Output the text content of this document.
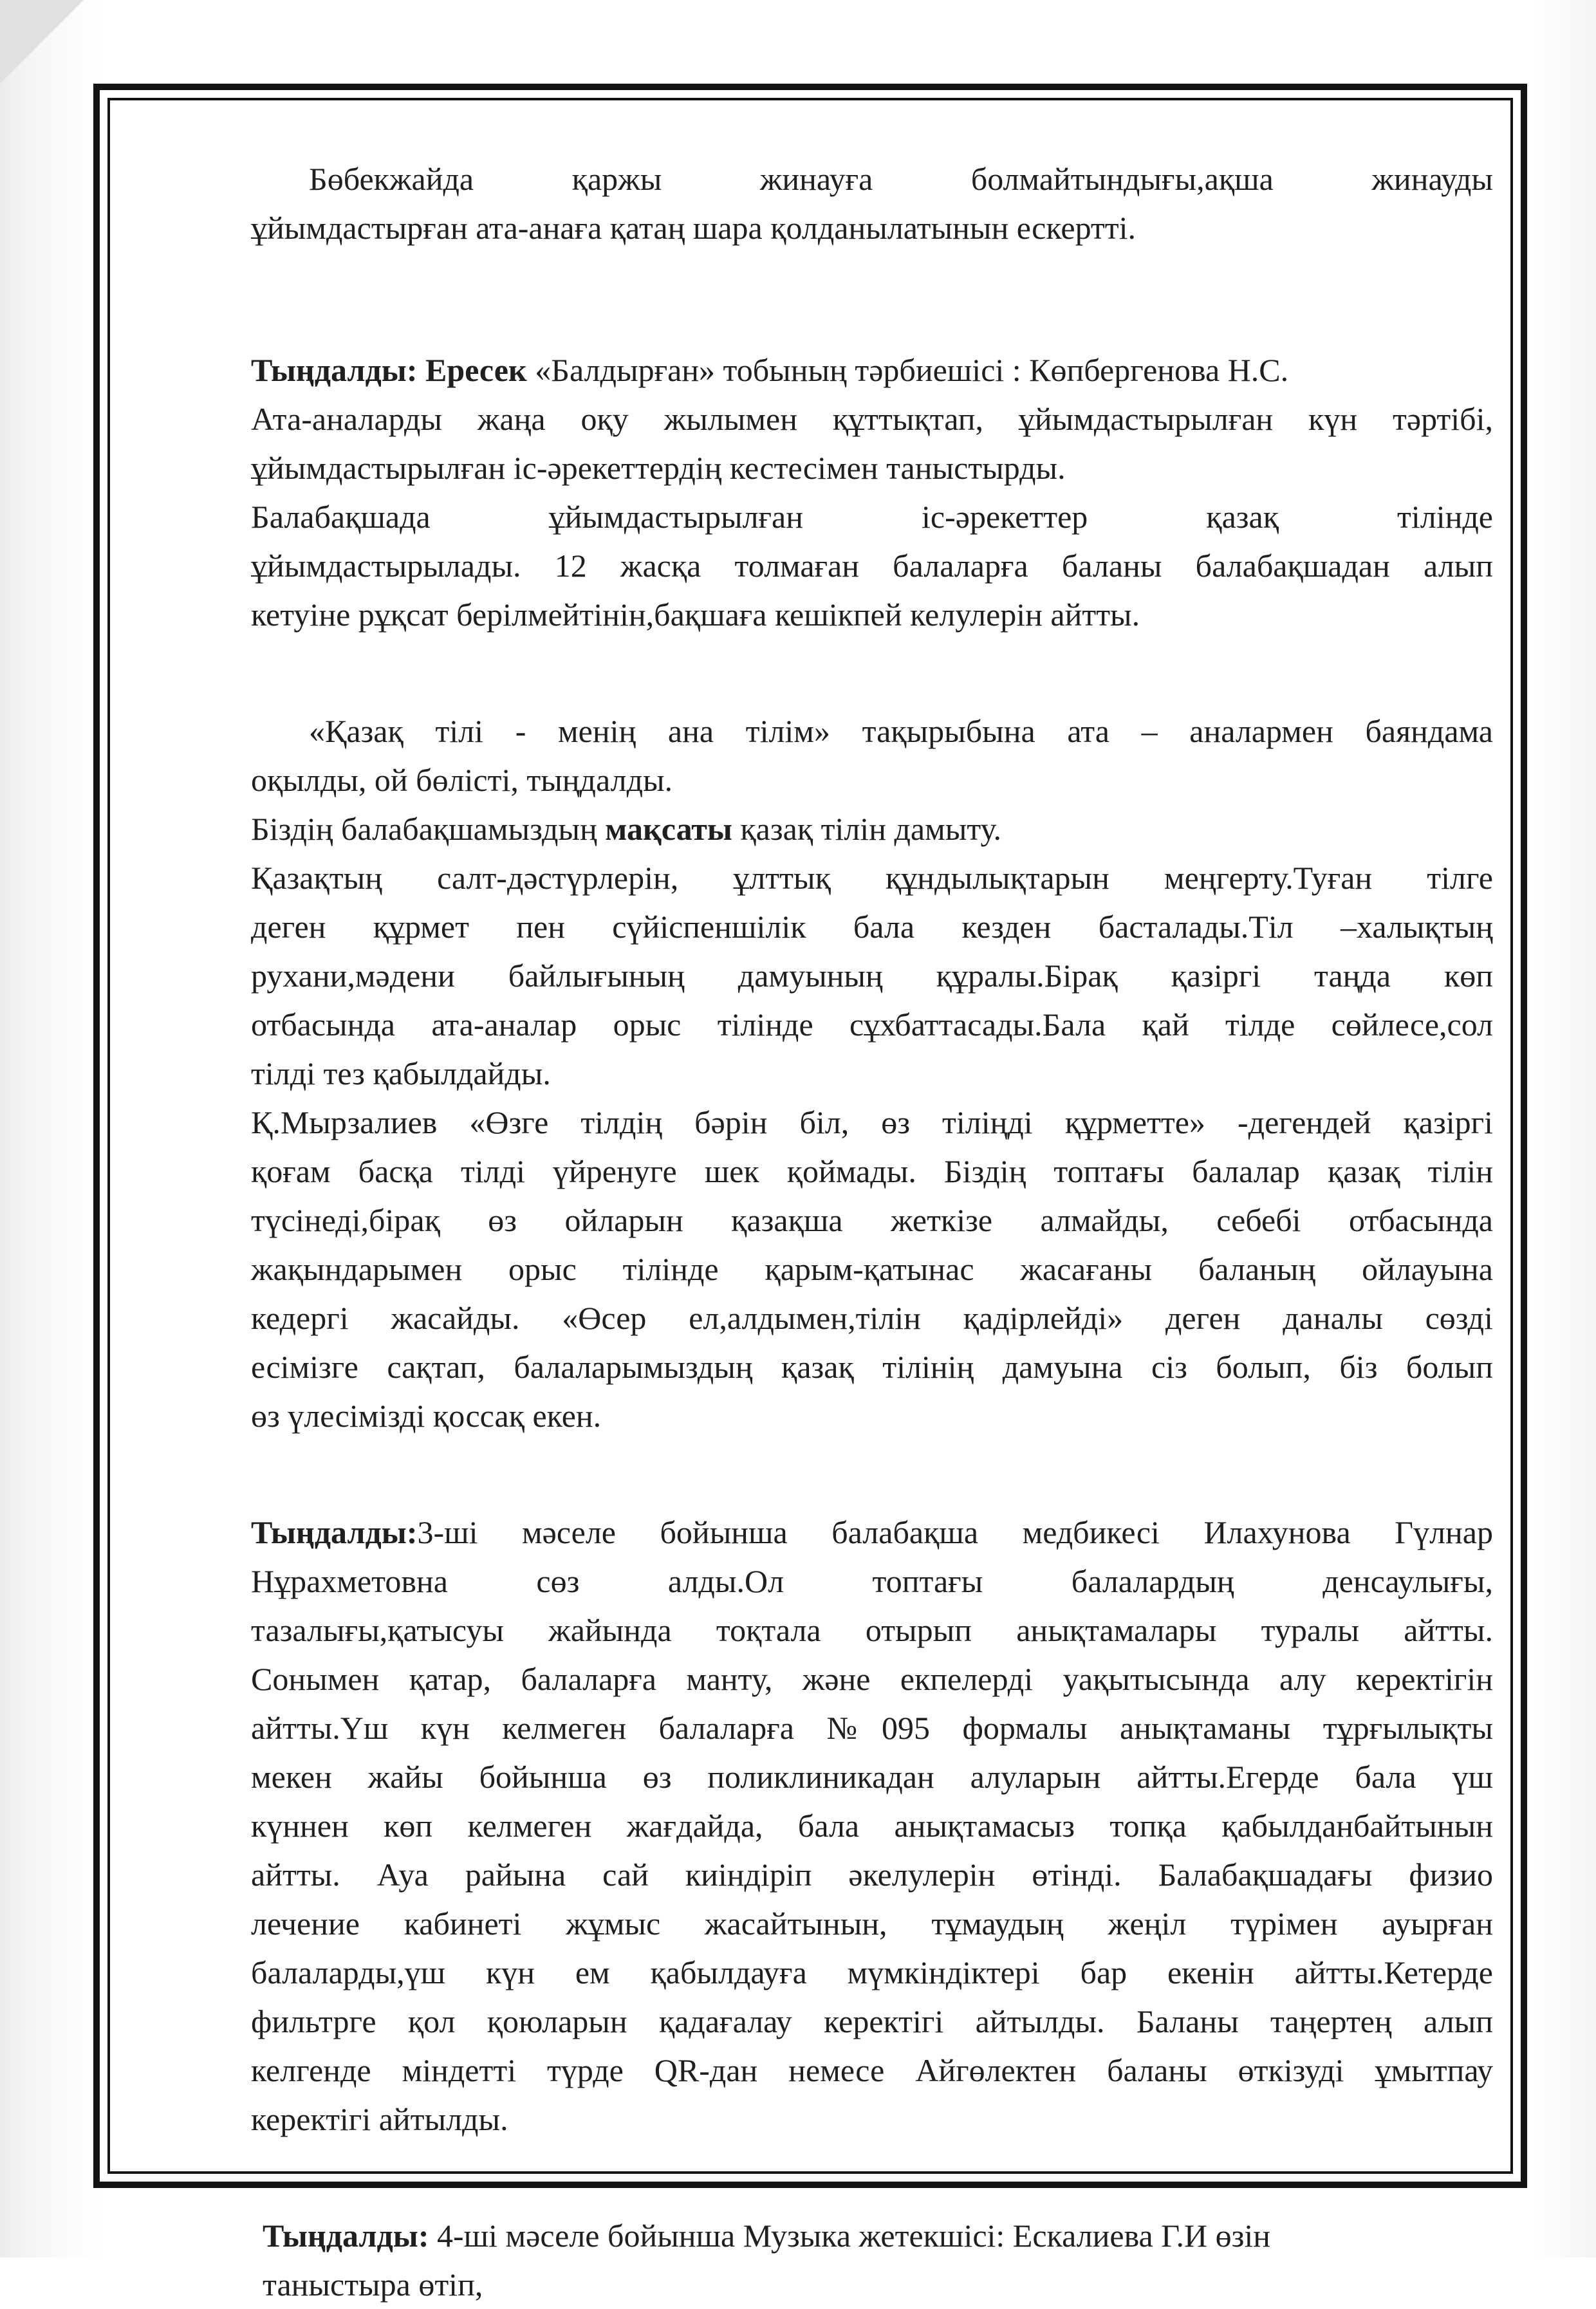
Бөбекжайда қаржы жинауға болмайтындығы,ақша жинауды

ұйымдастырған ата-анаға қатаң шара қолданылатынын ескертті.

Тыңдалды: Ересек «Балдырған» тобының тәрбиешісі : Көпбергенова Н.С.

Ата-аналарды жаңа оқу жылымен құттықтап, ұйымдастырылған күн тәртібі,

ұйымдастырылған іс-әрекеттердің кестесімен таныстырды.

Балабақшада ұйымдастырылған іс-әрекеттер қазақ тілінде

ұйымдастырылады. 12 жасқа толмаған балаларға баланы балабақшадан алып

кетуіне рұқсат берілмейтінін,бақшаға кешікпей келулерін айтты.

«Қазақ тілі - менің ана тілім» тақырыбына ата – аналармен баяндама

оқылды, ой бөлісті, тыңдалды.

Біздің балабақшамыздың мақсаты қазақ тілін дамыту.

Қазақтың салт-дәстүрлерін, ұлттық құндылықтарын меңгерту.Туған тілге

деген құрмет пен сүйіспеншілік бала кезден басталады.Тіл –халықтың

рухани,мәдени байлығының дамуының құралы.Бірақ қазіргі таңда көп

отбасында ата-аналар орыс тілінде сұхбаттасады.Бала қай тілде сөйлесе,сол

тілді тез қабылдайды.

Қ.Мырзалиев «Өзге тілдің бәрін біл, өз тіліңді құрметте» -дегендей қазіргі

қоғам басқа тілді үйренуге шек қоймады. Біздің топтағы балалар қазақ тілін

түсінеді,бірақ өз ойларын қазақша жеткізе алмайды, себебі отбасында

жақындарымен орыс тілінде қарым-қатынас жасағаны баланың ойлауына

кедергі жасайды. «Өсер ел,алдымен,тілін қадірлейді» деген даналы сөзді

есімізге сақтап, балаларымыздың қазақ тілінің дамуына сіз болып, біз болып

өз үлесімізді қоссақ екен.

Тыңдалды:3-ші мәселе бойынша балабақша медбикесі Илахунова Гүлнар

Нұрахметовна сөз алды.Ол топтағы балалардың денсаулығы,

тазалығы,қатысуы жайында тоқтала отырып анықтамалары туралы айтты.

Сонымен қатар, балаларға манту, және екпелерді уақытысында алу керектігін

айтты.Үш күн келмеген балаларға №095 формалы анықтаманы тұрғылықты

мекен жайы бойынша өз поликлиникадан алуларын айтты.Егерде бала үш

күннен көп келмеген жағдайда, бала анықтамасыз топқа қабылданбайтынын

айтты. Ауа райына сай киіндіріп әкелулерін өтінді. Балабақшадағы физио

лечение кабинеті жұмыс жасайтынын, тұмаудың жеңіл түрімен ауырған

балаларды,үш күн ем қабылдауға мүмкіндіктері бар екенін айтты.Кетерде

фильтрге қол қоюларын қадағалау керектігі айтылды. Баланы таңертең алып

келгенде міндетті түрде QR-дан немесе Айгөлектен баланы өткізуді ұмытпау

керектігі айтылды.

Тыңдалды: 4-ші мәселе бойынша Музыка жетекшісі: Ескалиева Г.И өзін

таныстыра өтіп,
